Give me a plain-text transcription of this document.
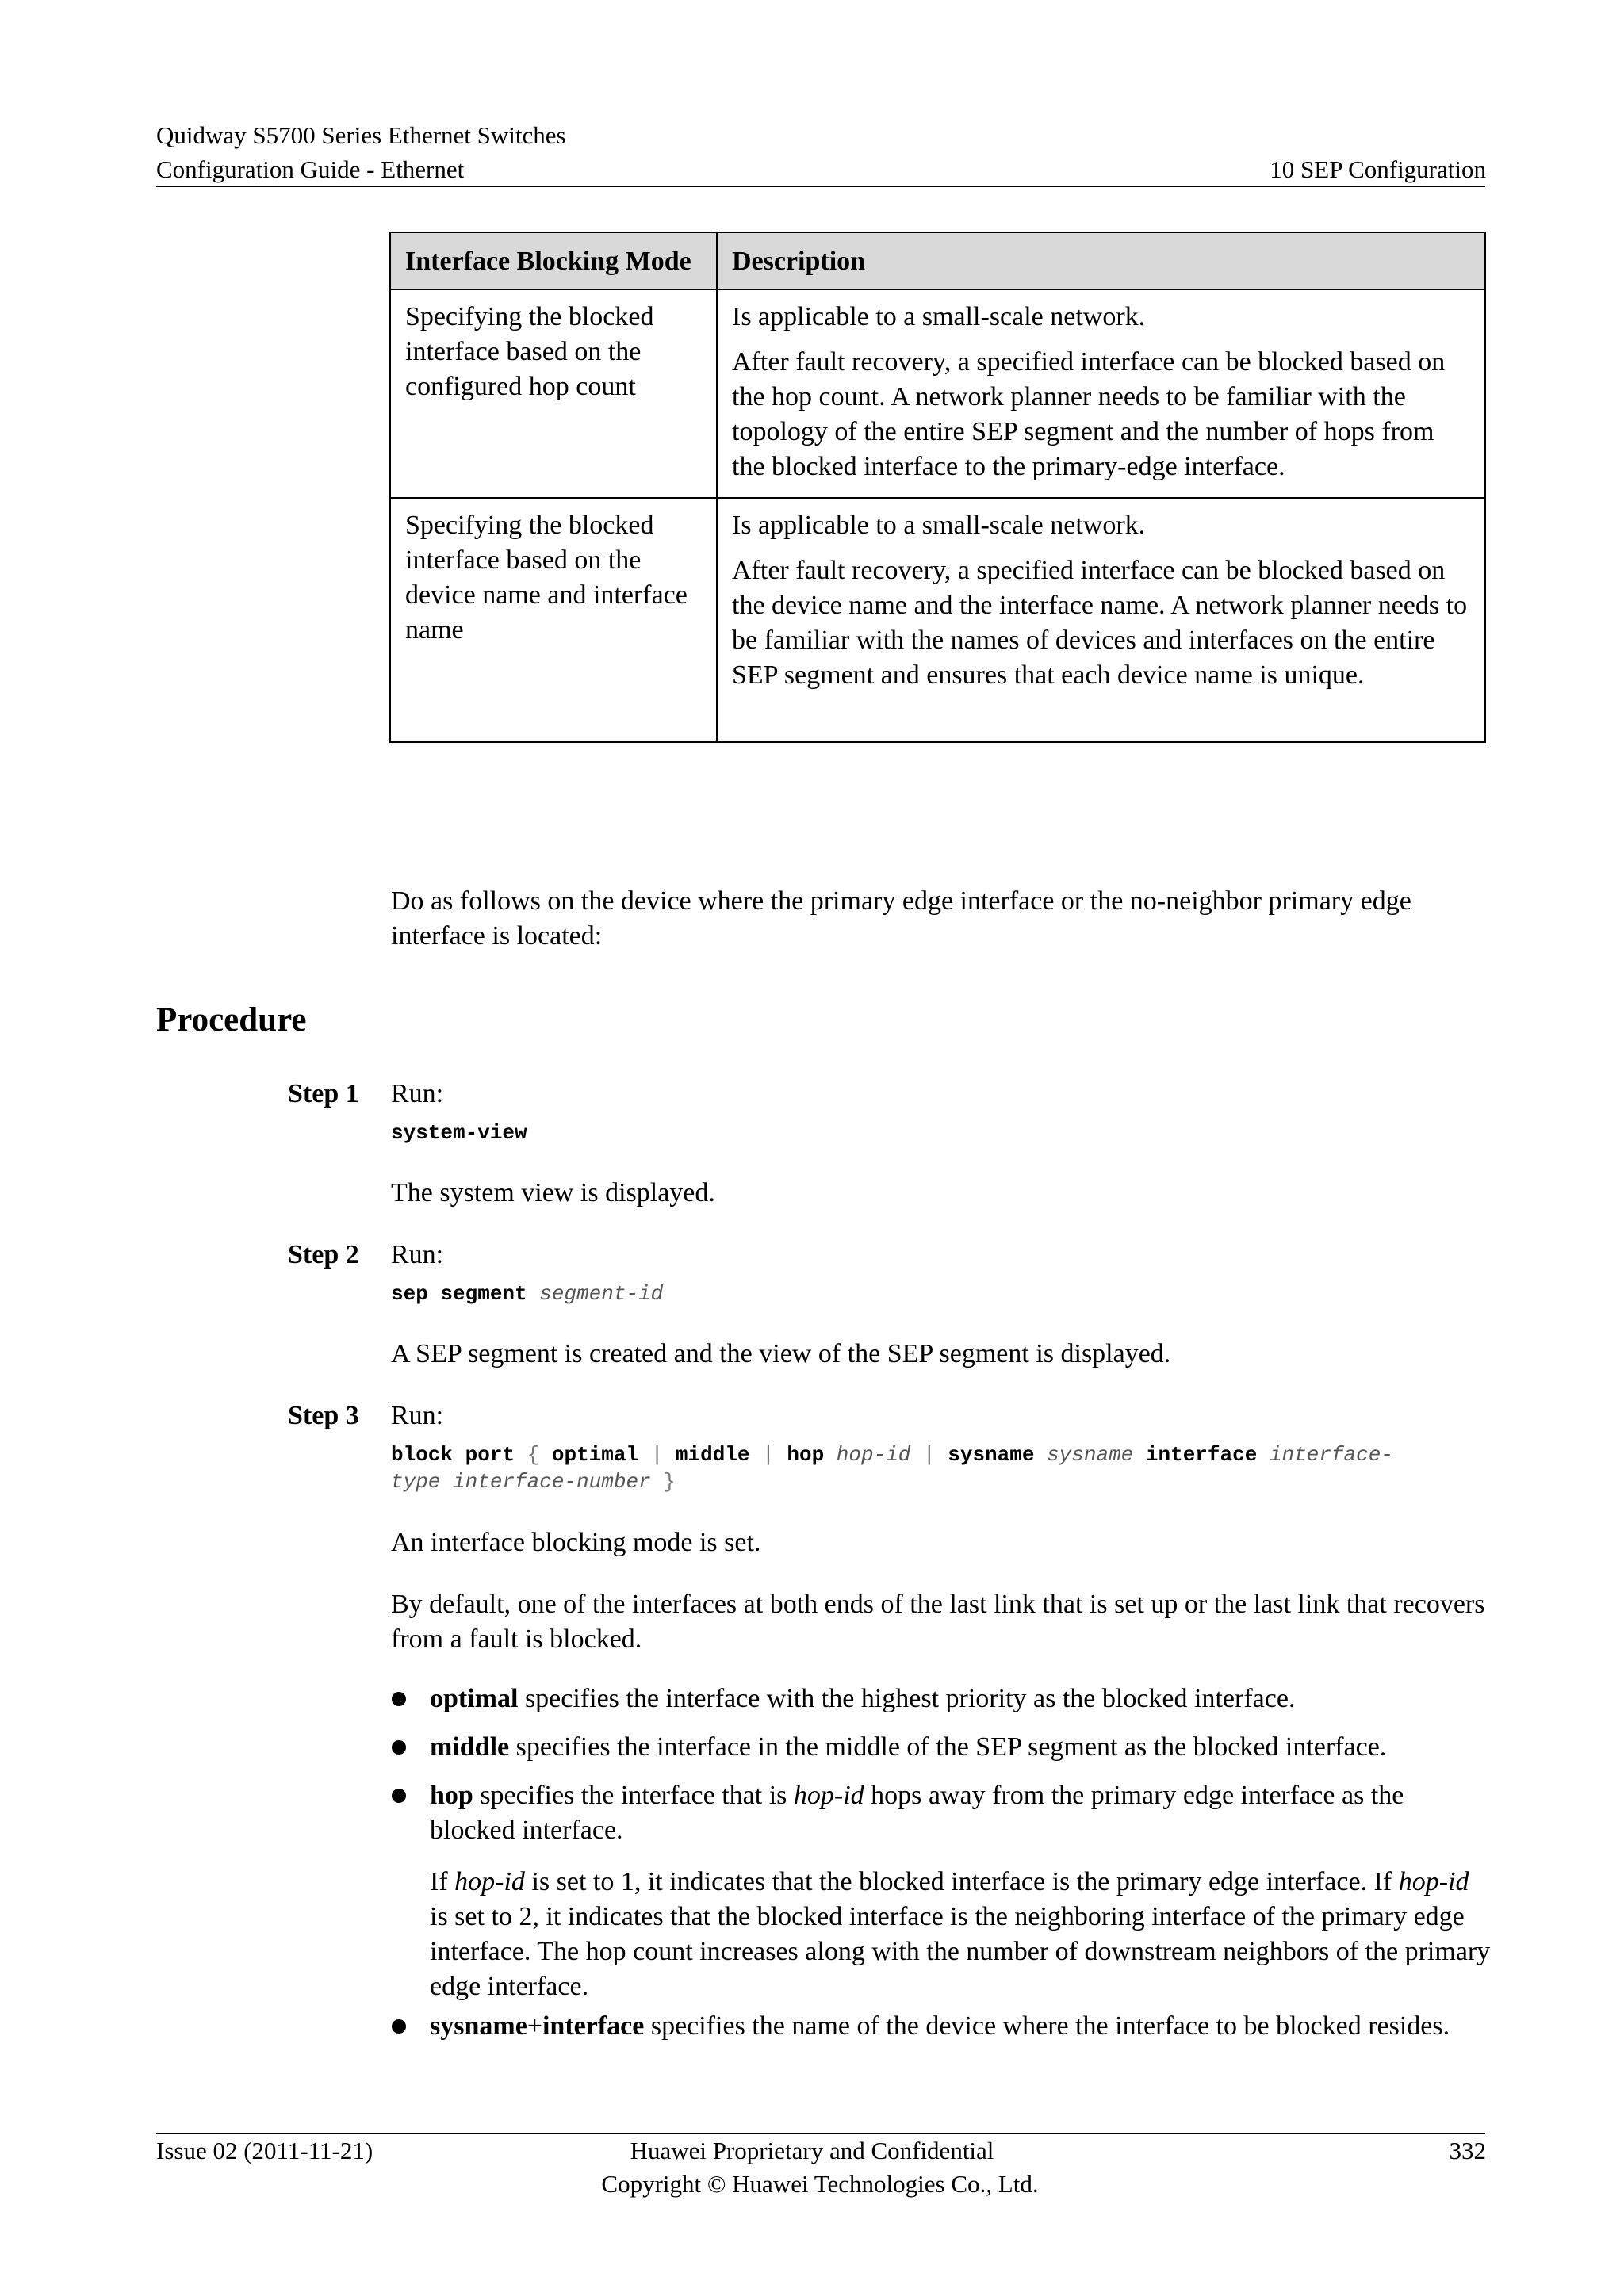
Quidway S5700 Series Ethernet Switches
Configuration Guide - Ethernet	10 SEP Configuration
Interface Blocking Mode	Description
Specifying the blocked interface based on the configured hop count	Is applicable to a small-scale network.

After fault recovery, a specified interface can be blocked based on the hop count. A network planner needs to be familiar with the topology of the entire SEP segment and the number of hops from the blocked interface to the primary-edge interface.

Specifying the blocked interface based on the device name and interface name	Is applicable to a small-scale network.

After fault recovery, a specified interface can be blocked based on the device name and the interface name. A network planner needs to be familiar with the names of devices and interfaces on the entire SEP segment and ensures that each device name is unique.

Do as follows on the device where the primary edge interface or the no-neighbor primary edge interface is located:
Procedure
Step 1 Run:
system-view
The system view is displayed.
Step 2 Run:
sep segment segment-id
A SEP segment is created and the view of the SEP segment is displayed.
Step 3 Run:
block port { optimal | middle | hop hop-id | sysname sysname interface interface-
type interface-number }
An interface blocking mode is set.
By default, one of the interfaces at both ends of the last link that is set up or the last link that recovers from a fault is blocked.
optimal specifies the interface with the highest priority as the blocked interface.
middle specifies the interface in the middle of the SEP segment as the blocked interface.
hop specifies the interface that is hop-id hops away from the primary edge interface as the blocked interface.
If hop-id is set to 1, it indicates that the blocked interface is the primary edge interface. If hop-id is set to 2, it indicates that the blocked interface is the neighboring interface of the primary edge interface. The hop count increases along with the number of downstream neighbors of the primary edge interface.
sysname+interface specifies the name of the device where the interface to be blocked resides.
Issue 02 (2011-11-21)	Huawei Proprietary and Confidential
Copyright © Huawei Technologies Co., Ltd.
332
